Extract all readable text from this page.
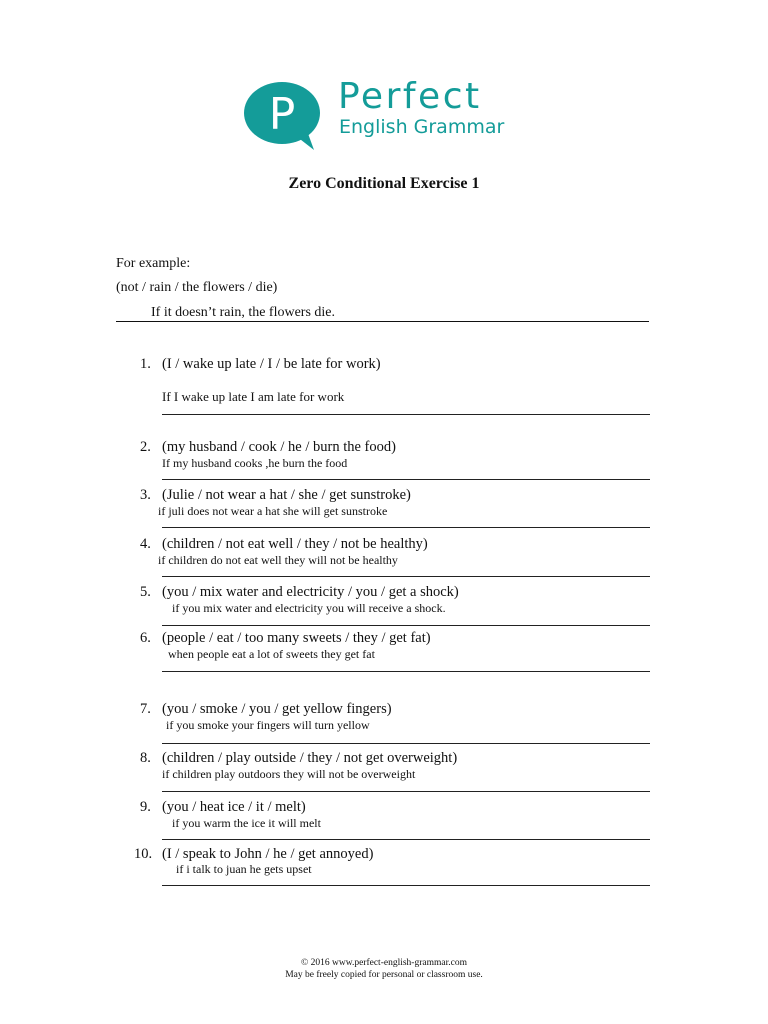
P Perfect
English Grammar
Zero Conditional Exercise 1
For example:
(not / rain / the flowers / die)
If it doesn’t rain, the flowers die.
1. (I / wake up late / I / be late for work)
If I wake up late I am late for work
2. (my husband / cook / he / burn the food)
If my husband cooks ,he burn the food
3. (Julie / not wear a hat / she / get sunstroke)
if juli does not wear a hat she will get sunstroke
4. (children / not eat well / they / not be healthy)
if children do not eat well they will not be healthy
5. (you / mix water and electricity / you / get a shock)
if you mix water and electricity you will receive a shock.
6. (people / eat / too many sweets / they / get fat)
when people eat a lot of sweets they get fat
7. (you / smoke / you / get yellow fingers)
if you smoke your fingers will turn yellow
8. (children / play outside / they / not get overweight)
if children play outdoors they will not be overweight
9. (you / heat ice / it / melt)
if you warm the ice it will melt
10. (I / speak to John / he / get annoyed)
if i talk to juan he gets upset
© 2016 www.perfect-english-grammar.com
May be freely copied for personal or classroom use.
